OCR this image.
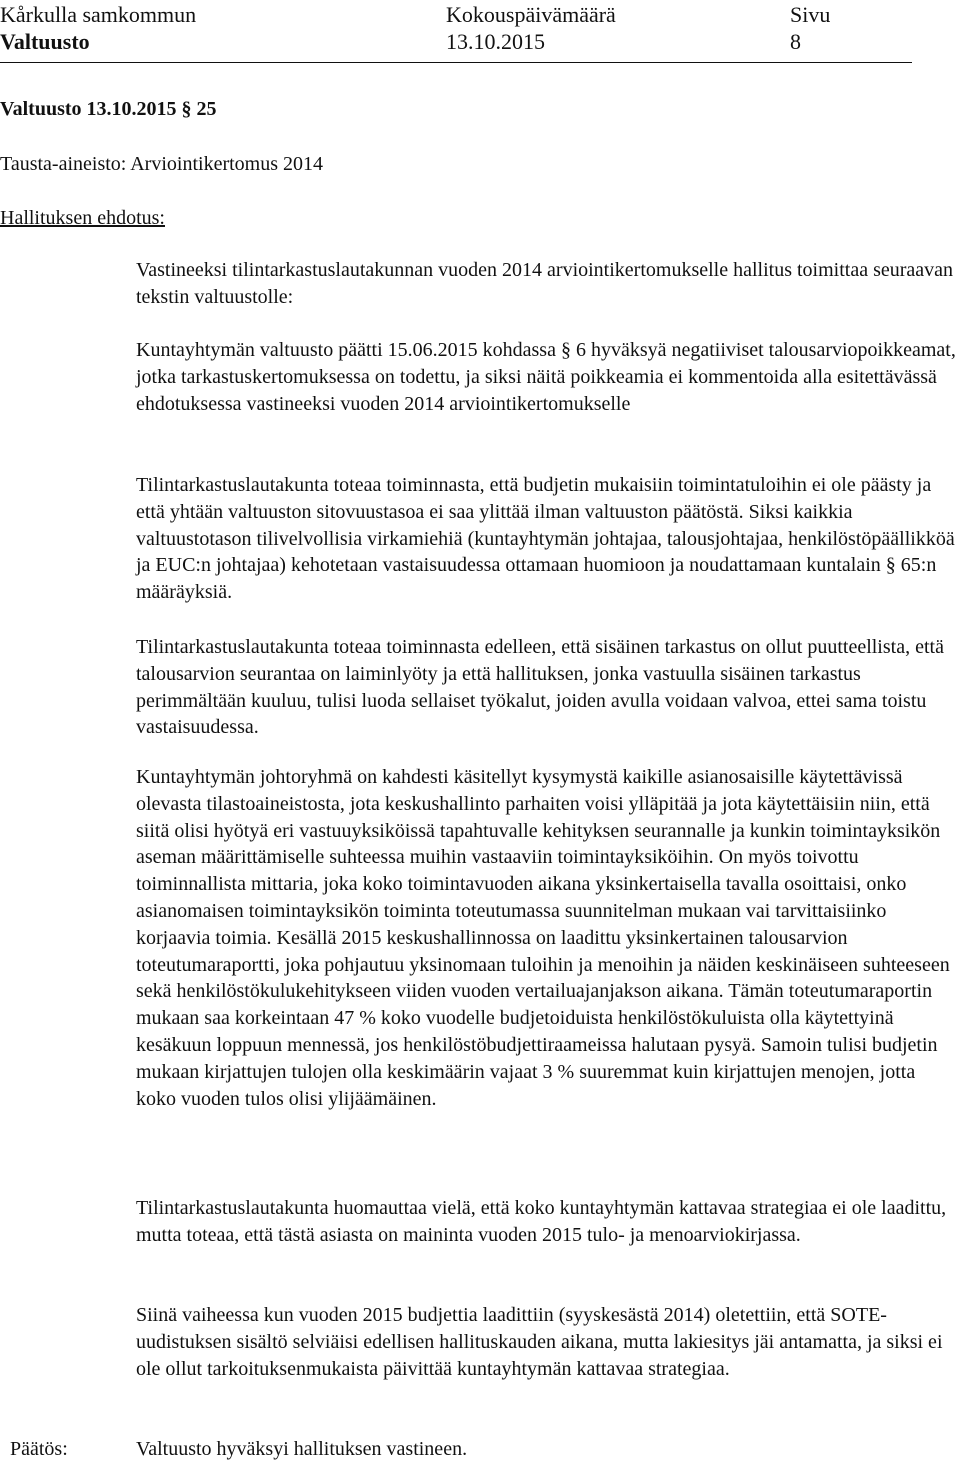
Kårkulla samkommun
Valtuusto
Kokouspäivämäärä
13.10.2015
Sivu
8
Valtuusto 13.10.2015 § 25
Tausta-aineisto: Arviointikertomus 2014
Hallituksen ehdotus:

Vastineeksi tilintarkastuslautakunnan vuoden 2014 arviointikertomukselle hallitus toimittaa seuraavan tekstin valtuustolle:

Kuntayhtymän valtuusto päätti 15.06.2015 kohdassa § 6 hyväksyä negatiiviset talousarviopoikkeamat, jotka tarkastuskertomuksessa on todettu, ja siksi näitä poikkeamia ei kommentoida alla esitettävässä ehdotuksessa vastineeksi vuoden 2014 arviointikertomukselle

Tilintarkastuslautakunta toteaa toiminnasta, että budjetin mukaisiin toimintatuloihin ei ole päästy ja että yhtään valtuuston sitovuustasoa ei saa ylittää ilman valtuuston päätöstä. Siksi kaikkia valtuustotason tilivelvollisia virkamiehiä (kuntayhtymän johtajaa, talousjohtajaa, henkilöstöpäällikköä ja EUC:n johtajaa) kehotetaan vastaisuudessa ottamaan huomioon ja noudattamaan kuntalain § 65:n määräyksiä.

Tilintarkastuslautakunta toteaa toiminnasta edelleen, että sisäinen tarkastus on ollut puutteellista, että talousarvion seurantaa on laiminlyöty ja että hallituksen, jonka vastuulla sisäinen tarkastus perimmältään kuuluu, tulisi luoda sellaiset työkalut, joiden avulla voidaan valvoa, ettei sama toistu vastaisuudessa.

Kuntayhtymän johtoryhmä on kahdesti käsitellyt kysymystä kaikille asianosaisille käytettävissä olevasta tilastoaineistosta, jota keskushallinto parhaiten voisi ylläpitää ja jota käytettäisiin niin, että siitä olisi hyötyä eri vastuuyksiköissä tapahtuvalle kehityksen seurannalle ja kunkin toimintayksikön aseman määrittämiselle suhteessa muihin vastaaviin toimintayksiköihin. On myös toivottu toiminnallista mittaria, joka koko toimintavuoden aikana yksinkertaisella tavalla osoittaisi, onko asianomaisen toimintayksikön toiminta toteutumassa suunnitelman mukaan vai tarvittaisiinko korjaavia toimia. Kesällä 2015 keskushallinnossa on laadittu yksinkertainen talousarvion toteutumaraportti, joka pohjautuu yksinomaan tuloihin ja menoihin ja näiden keskinäiseen suhteeseen sekä henkilöstökulukehitykseen viiden vuoden vertailuajanjakson aikana. Tämän toteutumaraportin mukaan saa korkeintaan 47 % koko vuodelle budjetoiduista henkilöstökuluista olla käytettyinä kesäkuun loppuun mennessä, jos henkilöstöbudjettiraameissa halutaan pysyä. Samoin tulisi budjetin mukaan kirjattujen tulojen olla keskimäärin vajaat 3 % suuremmat kuin kirjattujen menojen, jotta koko vuoden tulos olisi ylijäämäinen.

Tilintarkastuslautakunta huomauttaa vielä, että koko kuntayhtymän kattavaa strategiaa ei ole laadittu, mutta toteaa, että tästä asiasta on maininta vuoden 2015 tulo- ja menoarviokirjassa.

Siinä vaiheessa kun vuoden 2015 budjettia laadittiin (syyskesästä 2014) oletettiin, että SOTE-uudistuksen sisältö selviäisi edellisen hallituskauden aikana, mutta lakiesitys jäi antamatta, ja siksi ei ole ollut tarkoituksenmukaista päivittää kuntayhtymän kattavaa strategiaa.

Päätös:	Valtuusto hyväksyi hallituksen vastineen.
